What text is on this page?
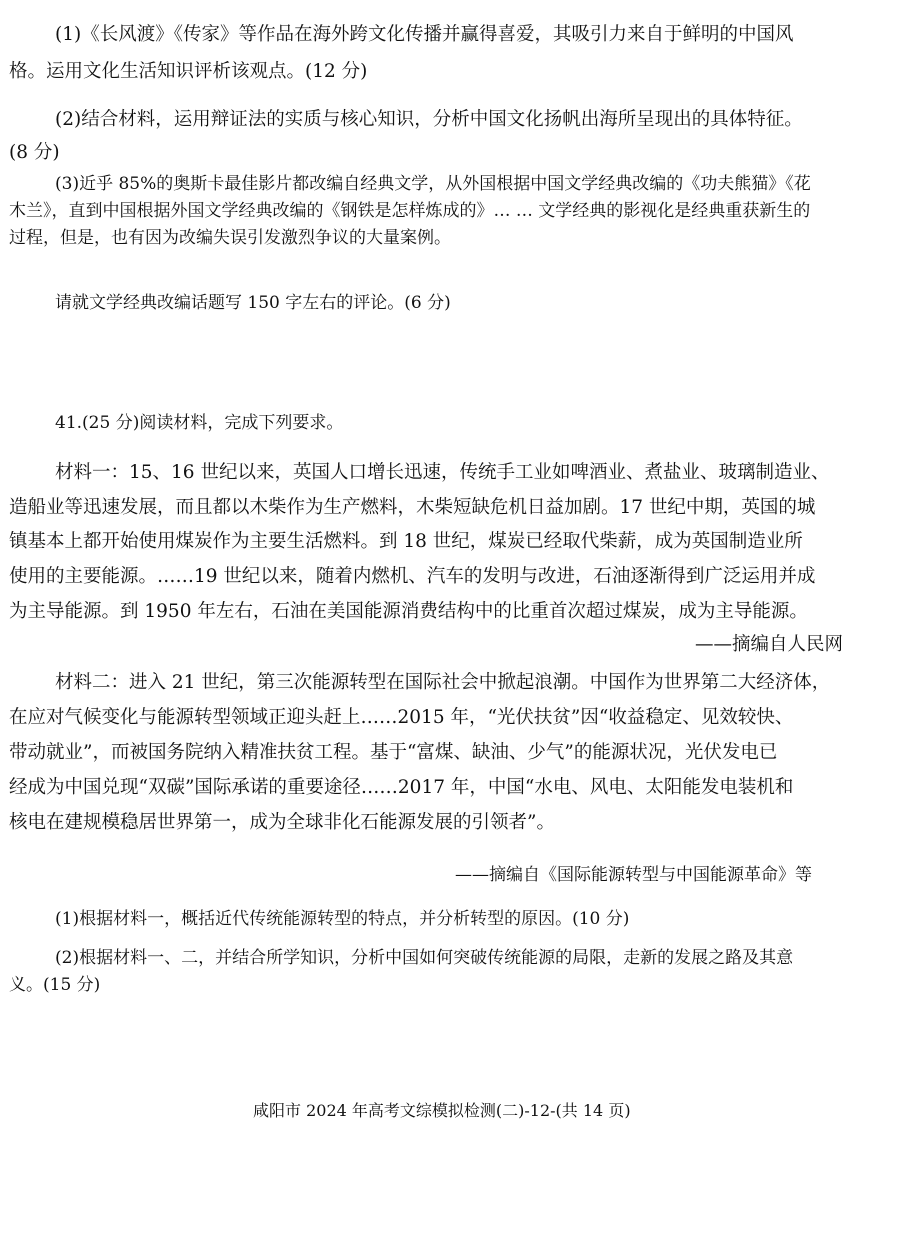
(1)《长风渡》《传家》等作品在海外跨文化传播并赢得喜爱，其吸引力来自于鲜明的中国风
格。运用文化生活知识评析该观点。(12 分)
(2)结合材料，运用辩证法的实质与核心知识，分析中国文化扬帆出海所呈现出的具体特征。
(8 分)
(3)近乎 85%的奥斯卡最佳影片都改编自经典文学，从外国根据中国文学经典改编的《功夫熊猫》《花
木兰》，直到中国根据外国文学经典改编的《钢铁是怎样炼成的》… … 文学经典的影视化是经典重获新生的
过程，但是，也有因为改编失误引发激烈争议的大量案例。
请就文学经典改编话题写 150 字左右的评论。(6 分)
41.(25 分)阅读材料，完成下列要求。
材料一：15、16 世纪以来，英国人口增长迅速，传统手工业如啤酒业、煮盐业、玻璃制造业、
造船业等迅速发展，而且都以木柴作为生产燃料，木柴短缺危机日益加剧。17 世纪中期，英国的城
镇基本上都开始使用煤炭作为主要生活燃料。到 18 世纪，煤炭已经取代柴薪，成为英国制造业所
使用的主要能源。……19 世纪以来，随着内燃机、汽车的发明与改进，石油逐渐得到广泛运用并成
为主导能源。到 1950 年左右，石油在美国能源消费结构中的比重首次超过煤炭，成为主导能源。
——摘编自人民网
材料二：进入 21 世纪，第三次能源转型在国际社会中掀起浪潮。中国作为世界第二大经济体，
在应对气候变化与能源转型领域正迎头赶上……2015 年，“光伏扶贫”因“收益稳定、见效较快、
带动就业”，而被国务院纳入精准扶贫工程。基于“富煤、缺油、少气”的能源状况，光伏发电已
经成为中国兑现“双碳”国际承诺的重要途径……2017 年，中国“水电、风电、太阳能发电装机和
核电在建规模稳居世界第一，成为全球非化石能源发展的引领者”。
——摘编自《国际能源转型与中国能源革命》等
(1)根据材料一，概括近代传统能源转型的特点，并分析转型的原因。(10 分)
(2)根据材料一、二，并结合所学知识，分析中国如何突破传统能源的局限，走新的发展之路及其意
义。(15 分)
咸阳市 2024 年高考文综模拟检测(二)-12-(共 14 页)
